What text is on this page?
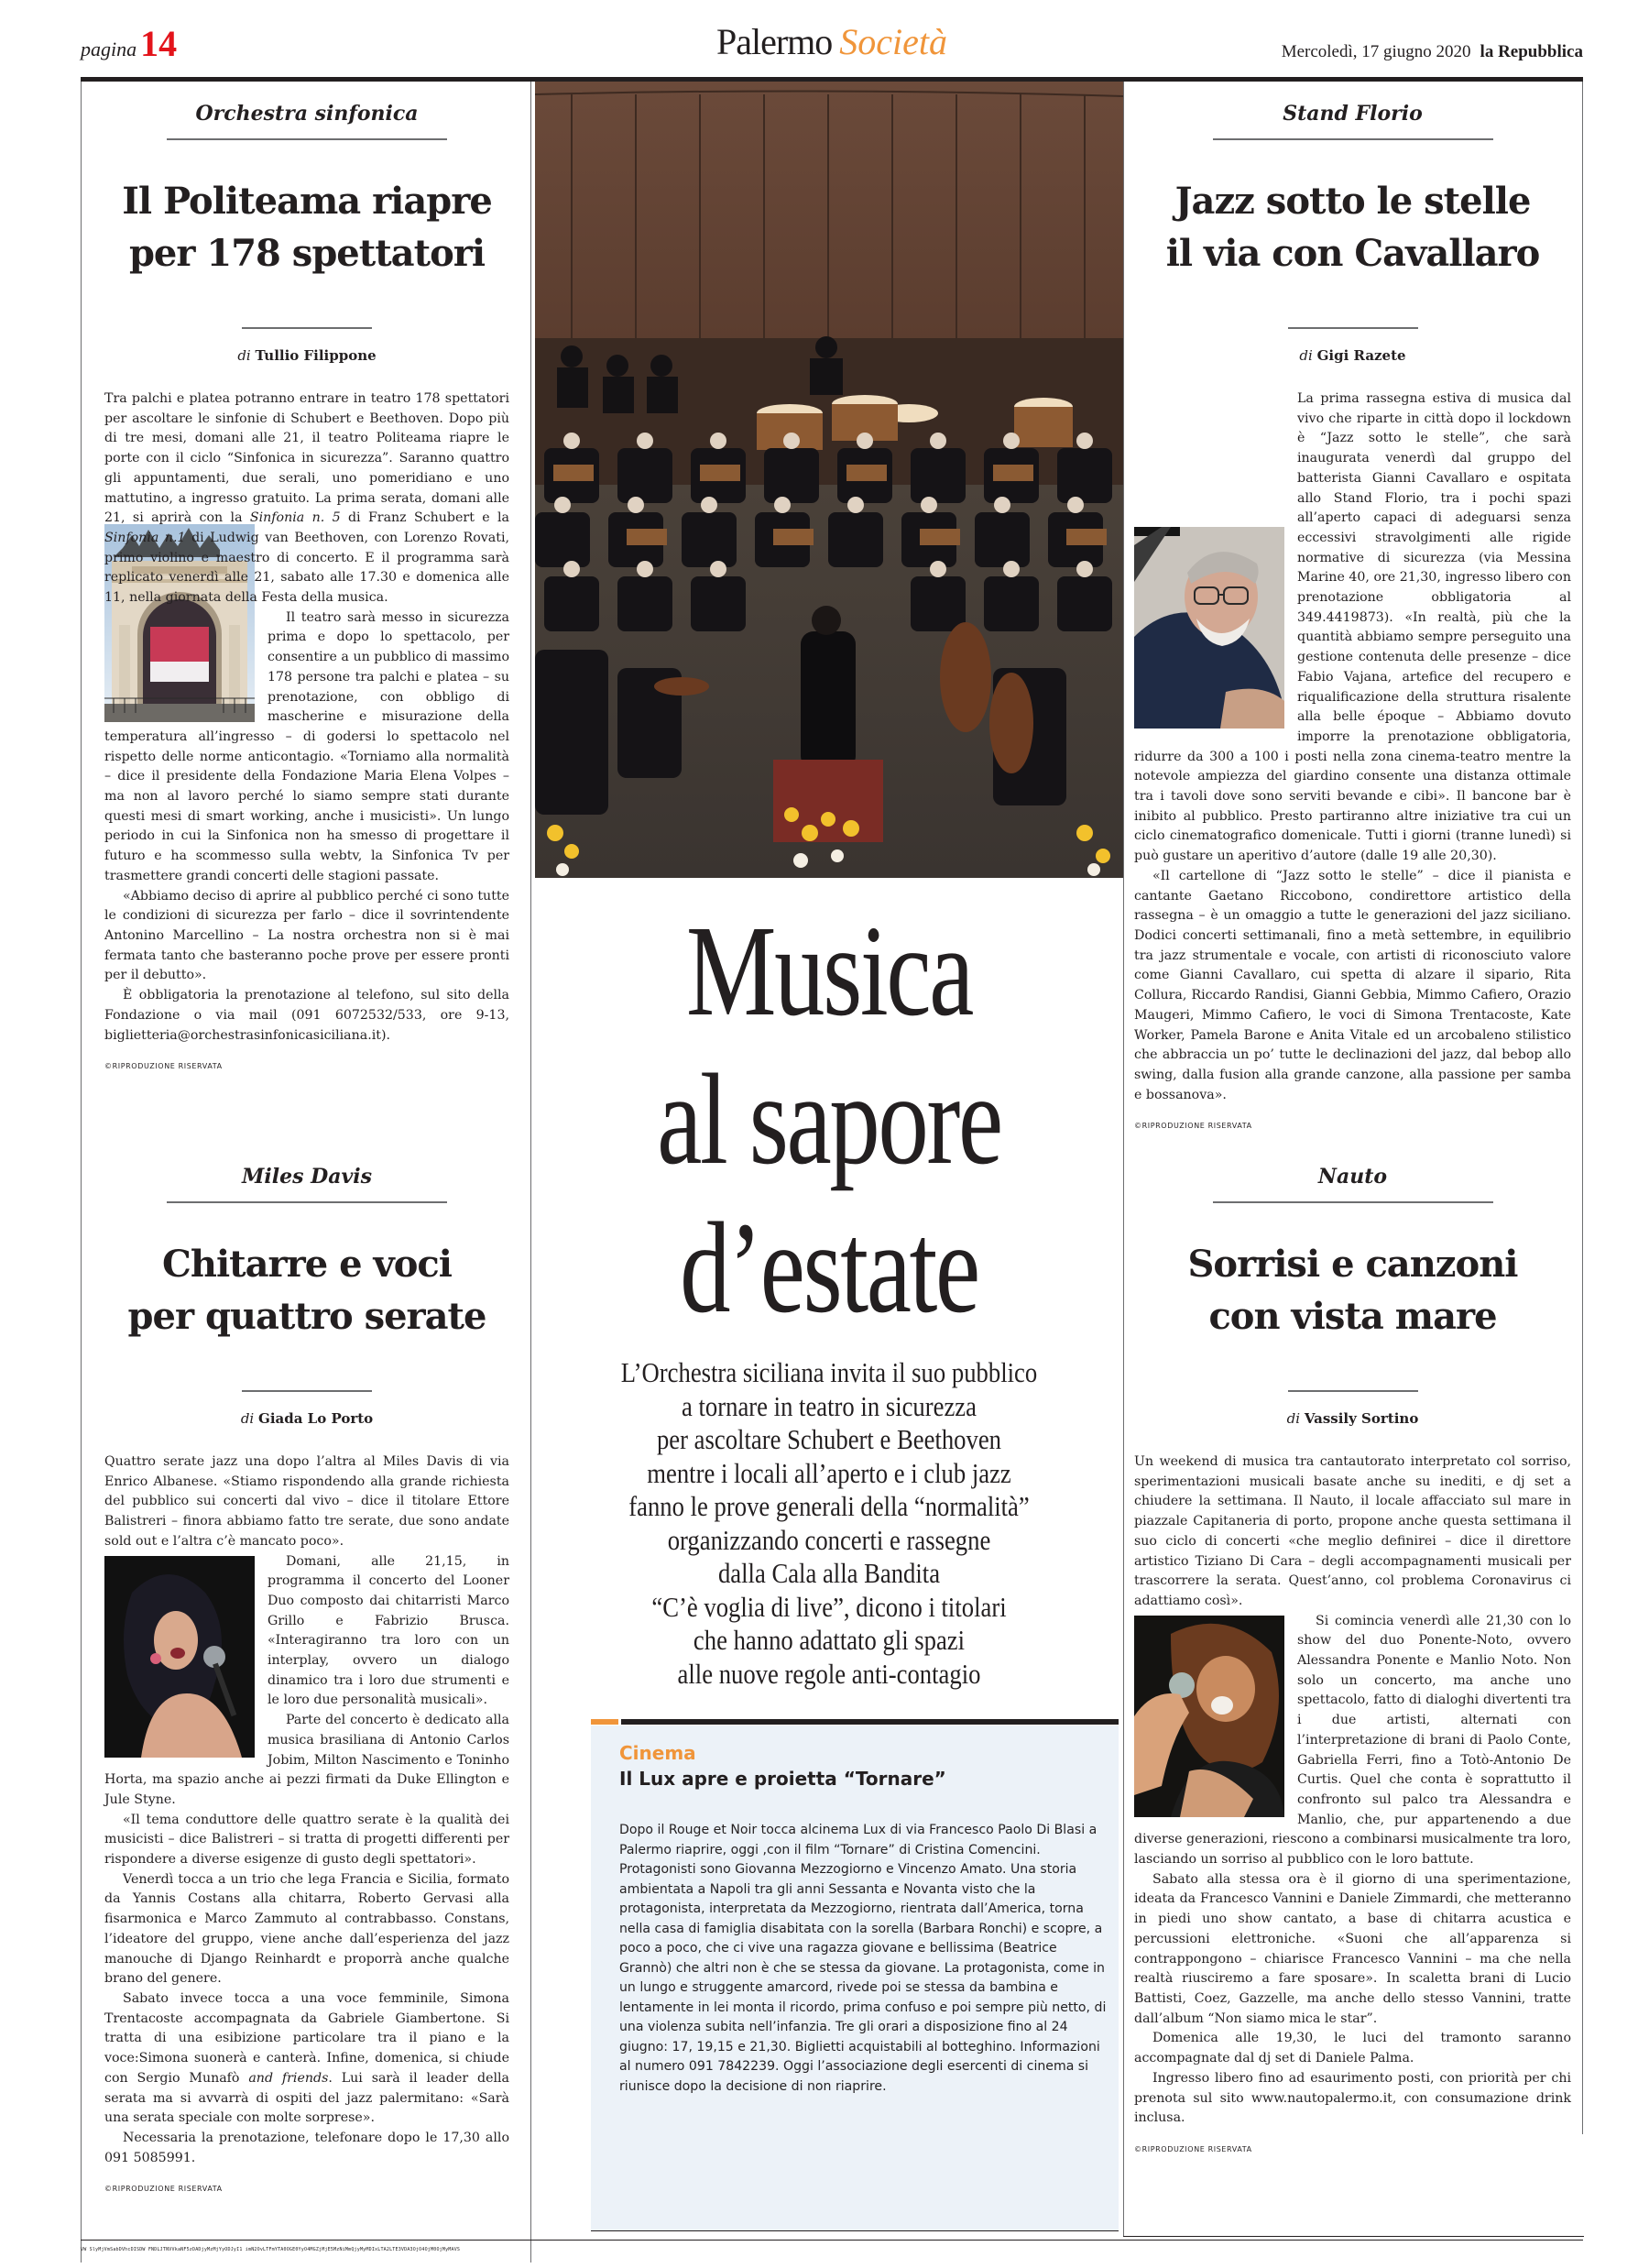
pagina 14	Palermo Società	Mercoledì, 17 giugno 2020 la Repubblica
Orchestra sinfonica
Il Politeama riapre
per 178 spettatori
di Tullio Filippone

Tra palchi e platea potranno entrare in teatro 178 spettatori per ascoltare le sinfonie di Schubert e Beethoven. Dopo più di tre mesi, domani alle 21, il teatro Politeama riapre le porte con il ciclo “Sinfonica in sicurezza”. Saranno quattro gli appuntamenti, due serali, uno pomeridiano e uno mattutino, a ingresso gratuito. La prima serata, domani alle 21, si aprirà con la Sinfonia n. 5 di Franz Schubert e la Sinfonia n.1 di Ludwig van Beethoven, con Lorenzo Rovati, primo violino e maestro di concerto. E il programma sarà replicato venerdì alle 21, sabato alle 17.30 e domenica alle 11, nella giornata della Festa della musica.

Il teatro sarà messo in sicurezza prima e dopo lo spettacolo, per consentire a un pubblico di massimo 178 persone tra palchi e platea – su prenotazione, con obbligo di mascherine e misurazione della temperatura all’ingresso – di godersi lo spettacolo nel rispetto delle norme anticontagio. «Torniamo alla normalità – dice il presidente della Fondazione Maria Elena Volpes – ma non al lavoro perché lo siamo sempre stati durante questi mesi di smart working, anche i musicisti». Un lungo periodo in cui la Sinfonica non ha smesso di progettare il futuro e ha scommesso sulla webtv, la Sinfonica Tv per trasmettere grandi concerti delle stagioni passate.

«Abbiamo deciso di aprire al pubblico perché ci sono tutte le condizioni di sicurezza per farlo – dice il sovrintendente Antonino Marcellino – La nostra orchestra non si è mai fermata tanto che basteranno poche prove per essere pronti per il debutto».

È obbligatoria la prenotazione al telefono, sul sito della Fondazione o via mail (091 6072532/533, ore 9-13, biglietteria@orchestrasinfonicasiciliana.it).

©RIPRODUZIONE RISERVATA
Miles Davis
Chitarre e voci
per quattro serate
di Giada Lo Porto

Quattro serate jazz una dopo l’altra al Miles Davis di via Enrico Albanese. «Stiamo rispondendo alla grande richiesta del pubblico sui concerti dal vivo – dice il titolare Ettore Balistreri – finora abbiamo fatto tre serate, due sono andate sold out e l’altra c’è mancato poco».

Domani, alle 21,15, in programma il concerto del Looner Duo composto dai chitarristi Marco Grillo e Fabrizio Brusca. «Interagiranno tra loro con un interplay, ovvero un dialogo dinamico tra i loro due strumenti e le loro due personalità musicali».

Parte del concerto è dedicato alla musica brasiliana di Antonio Carlos Jobim, Milton Nascimento e Toninho Horta, ma spazio anche ai pezzi firmati da Duke Ellington e Jule Styne.

«Il tema conduttore delle quattro serate è la qualità dei musicisti – dice Balistreri – si tratta di progetti differenti per rispondere a diverse esigenze di gusto degli spettatori».

Venerdì tocca a un trio che lega Francia e Sicilia, formato da Yannis Costans alla chitarra, Roberto Gervasi alla fisarmonica e Marco Zammuto al contrabbasso. Constans, l’ideatore del gruppo, viene anche dall’esperienza del jazz manouche di Django Reinhardt e proporrà anche qualche brano del genere.

Sabato invece tocca a una voce femminile, Simona Trentacoste accompagnata da Gabriele Giambertone. Si tratta di una esibizione particolare tra il piano e la voce:Simona suonerà e canterà. Infine, domenica, si chiude con Sergio Munafò and friends. Lui sarà il leader della serata ma si avvarrà di ospiti del jazz palermitano: «Sarà una serata speciale con molte sorprese».

Necessaria la prenotazione, telefonare dopo le 17,30 allo 091 5085991.

©RIPRODUZIONE RISERVATA
Musica
al sapore
d’estate
L’Orchestra siciliana invita il suo pubblico
a tornare in teatro in sicurezza
per ascoltare Schubert e Beethoven
mentre i locali all’aperto e i club jazz
fanno le prove generali della “normalità”
organizzando concerti e rassegne
dalla Cala alla Bandita
“C’è voglia di live”, dicono i titolari
che hanno adattato gli spazi
alle nuove regole anti-contagio
Cinema
Il Lux apre e proietta “Tornare”
Dopo il Rouge et Noir tocca alcinema Lux di via Francesco Paolo Di Blasi a Palermo riaprire, oggi ,con il film “Tornare” di Cristina Comencini. Protagonisti sono Giovanna Mezzogiorno e Vincenzo Amato. Una storia ambientata a Napoli tra gli anni Sessanta e Novanta visto che la protagonista, interpretata da Mezzogiorno, rientrata dall’America, torna nella casa di famiglia disabitata con la sorella (Barbara Ronchi) e scopre, a poco a poco, che ci vive una ragazza giovane e bellissima (Beatrice Grannò) che altri non è che se stessa da giovane. La protagonista, come in un lungo e struggente amarcord, rivede poi se stessa da bambina e lentamente in lei monta il ricordo, prima confuso e poi sempre più netto, di una violenza subita nell’infanzia. Tre gli orari a disposizione fino al 24 giugno: 17, 19,15 e 21,30. Biglietti acquistabili al botteghino. Informazioni al numero 091 7842239. Oggi l’associazione degli esercenti di cinema si riunisce dopo la decisione di non riaprire.
Stand Florio
Jazz sotto le stelle
il via con Cavallaro
di Gigi Razete

La prima rassegna estiva di musica dal vivo che riparte in città dopo il lockdown è “Jazz sotto le stelle”, che sarà inaugurata venerdì dal gruppo del batterista Gianni Cavallaro e ospitata allo Stand Florio, tra i pochi spazi all’aperto capaci di adeguarsi senza eccessivi stravolgimenti alle rigide normative di sicurezza (via Messina Marine 40, ore 21,30, ingresso libero con prenotazione obbligatoria al 349.4419873). «In realtà, più che la quantità abbiamo sempre perseguito una gestione contenuta delle presenze – dice Fabio Vajana, artefice del recupero e riqualificazione della struttura risalente alla belle époque – Abbiamo dovuto imporre la prenotazione obbligatoria, ridurre da 300 a 100 i posti nella zona cinema-teatro mentre la notevole ampiezza del giardino consente una distanza ottimale tra i tavoli dove sono serviti bevande e cibi». Il bancone bar è inibito al pubblico. Presto partiranno altre iniziative tra cui un ciclo cinematografico domenicale. Tutti i giorni (tranne lunedì) si può gustare un aperitivo d’autore (dalle 19 alle 20,30).

«Il cartellone di “Jazz sotto le stelle” – dice il pianista e cantante Gaetano Riccobono, condirettore artistico della rassegna – è un omaggio a tutte le generazioni del jazz siciliano. Dodici concerti settimanali, fino a metà settembre, in equilibrio tra jazz strumentale e vocale, con artisti di riconosciuto valore come Gianni Cavallaro, cui spetta di alzare il sipario, Rita Collura, Riccardo Randisi, Gianni Gebbia, Mimmo Cafiero, Orazio Maugeri, Mimmo Cafiero, le voci di Simona Trentacoste, Kate Worker, Pamela Barone e Anita Vitale ed un arcobaleno stilistico che abbraccia un po’ tutte le declinazioni del jazz, dal bebop allo swing, dalla fusion alla grande canzone, alla passione per samba e bossanova».

©RIPRODUZIONE RISERVATA
Nauto
Sorrisi e canzoni
con vista mare
di Vassily Sortino

Un weekend di musica tra cantautorato interpretato col sorriso, sperimentazioni musicali basate anche su inediti, e dj set a chiudere la settimana. Il Nauto, il locale affacciato sul mare in piazzale Capitaneria di porto, propone anche questa settimana il suo ciclo di concerti «che meglio definirei – dice il direttore artistico Tiziano Di Cara – degli accompagnamenti musicali per trascorrere la serata. Quest’anno, col problema Coronavirus ci adattiamo così».

Si comincia venerdì alle 21,30 con lo show del duo Ponente-Noto, ovvero Alessandra Ponente e Manlio Noto. Non solo un concerto, ma anche uno spettacolo, fatto di dialoghi divertenti tra i due artisti, alternati con l’interpretazione di brani di Paolo Conte, Gabriella Ferri, fino a Totò-Antonio De Curtis. Quel che conta è soprattutto il confronto sul palco tra Alessandra e Manlio, che, pur appartenendo a due diverse generazioni, riescono a combinarsi musicalmente tra loro, lasciando un sorriso al pubblico con le loro battute.

Sabato alla stessa ora è il giorno di una sperimentazione, ideata da Francesco Vannini e Daniele Zimmardi, che metteranno in piedi uno show cantato, a base di chitarra acustica e percussioni elettroniche. «Suoni che all’apparenza si contrappongono – chiarisce Francesco Vannini – ma che nella realtà riusciremo a fare sposare». In scaletta brani di Lucio Battisti, Coez, Gazzelle, ma anche dello stesso Vannini, tratte dall’album “Non siamo mica le star”.

Domenica alle 19,30, le luci del tramonto saranno accompagnate dal dj set di Daniele Palma.

Ingresso libero fino ad esaurimento posti, con priorità per chi prenota sul sito www.nautopalermo.it, con consumazione drink inclusa.

©RIPRODUZIONE RISERVATA
VW SlyMjVmSabDVhcDISDW FNDLJTNVVkaNF5zDADjyMzMjYyODJyI1 imN2OvLTFmYTA0OGE0YyO4MGZjMjE5MzNiMmQjyMyMDIxLTA2LTE3VDA3OjO4OjM0OjMyMAVS
